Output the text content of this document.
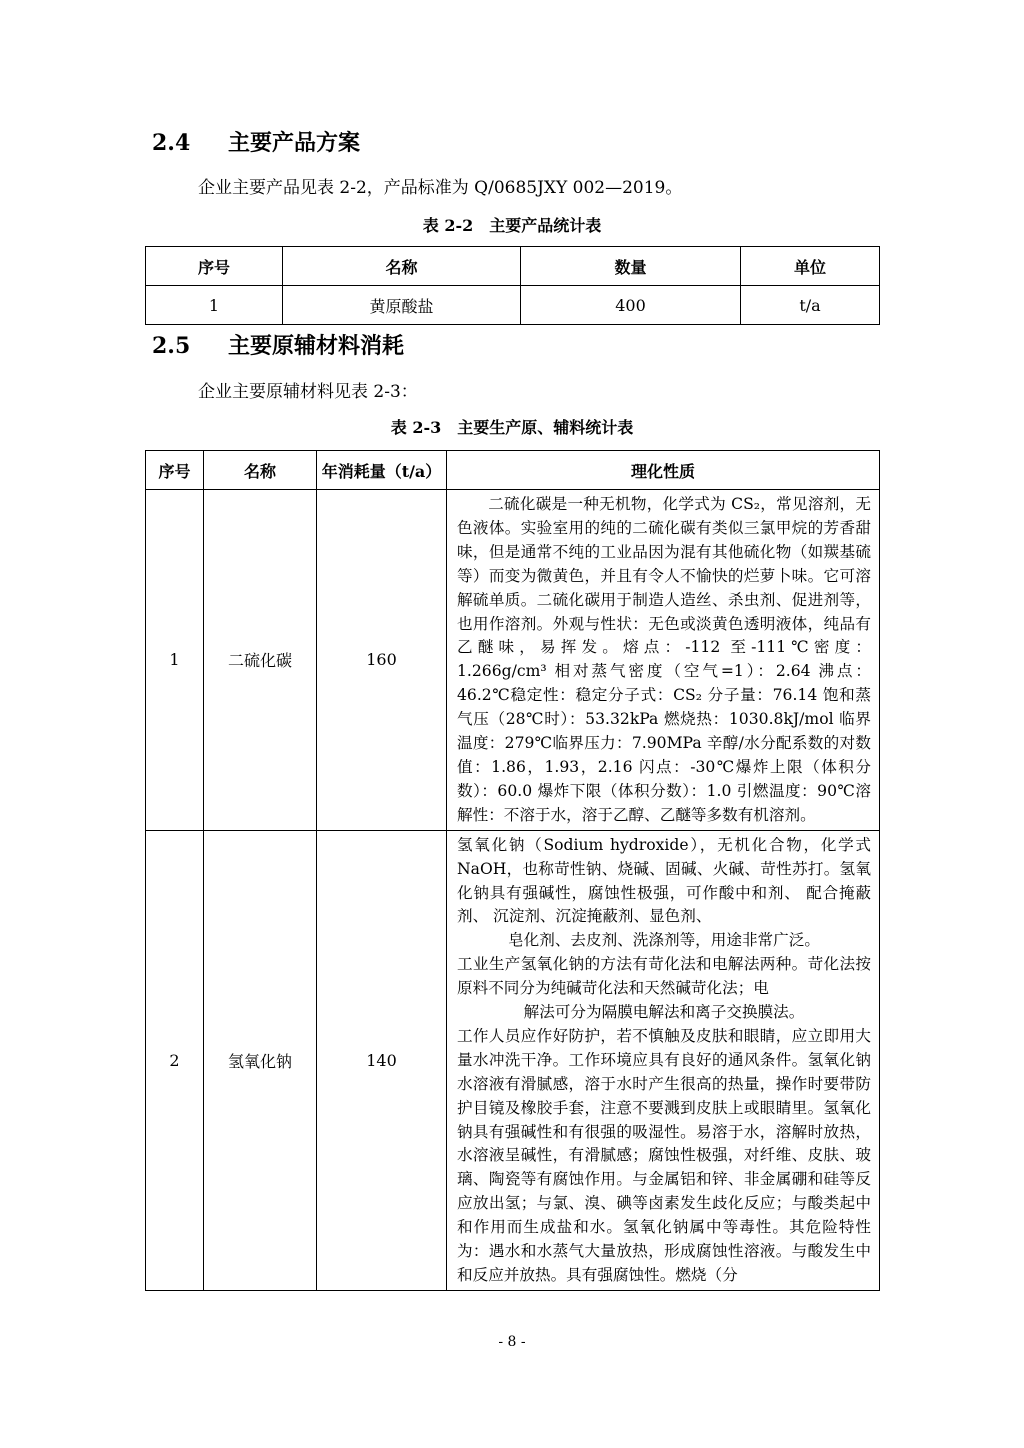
2.4 主要产品方案
企业主要产品见表 2-2，产品标准为 Q/0685JXY 002—2019。
表 2-2　主要产品统计表
序号	名称	数量	单位
1	黄原酸盐	400	t/a
2.5 主要原辅材料消耗
企业主要原辅材料见表 2-3：
表 2-3　主要生产原、辅料统计表
序号	名称	年消耗量（t/a）	理化性质
1	二硫化碳	160	二硫化碳是一种无机物，化学式为 CS₂，常见溶剂，无色液体。实验室用的纯的二硫化碳有类似三氯甲烷的芳香甜味，但是通常不纯的工业品因为混有其他硫化物（如羰基硫等）而变为微黄色，并且有令人不愉快的烂萝卜味。它可溶解硫单质。二硫化碳用于制造人造丝、杀虫剂、促进剂等，也用作溶剂。外观与性状：无色或淡黄色透明液体，纯品有乙醚味，易挥发。熔点：-112 至-111℃密度：1.266g/cm³ 相对蒸气密度（空气=1）：2.64 沸点：46.2℃稳定性：稳定分子式：CS₂ 分子量：76.14 饱和蒸气压（28℃时）：53.32kPa 燃烧热：1030.8kJ/mol 临界温度：279℃临界压力：7.90MPa 辛醇/水分配系数的对数值：1.86，1.93，2.16 闪点：-30℃爆炸上限（体积分数）：60.0 爆炸下限（体积分数）：1.0 引燃温度：90℃溶解性：不溶于水，溶于乙醇、乙醚等多数有机溶剂。

2	氢氧化钠	140	氢氧化钠（Sodium hydroxide），无机化合物，化学式NaOH，也称苛性钠、烧碱、固碱、火碱、苛性苏打。氢氧化钠具有强碱性，腐蚀性极强，可作酸中和剂、 配合掩蔽剂、 沉淀剂、沉淀掩蔽剂、显色剂、

皂化剂、去皮剂、洗涤剂等，用途非常广泛。

工业生产氢氧化钠的方法有苛化法和电解法两种。苛化法按原料不同分为纯碱苛化法和天然碱苛化法；电

解法可分为隔膜电解法和离子交换膜法。

工作人员应作好防护，若不慎触及皮肤和眼睛，应立即用大量水冲洗干净。工作环境应具有良好的通风条件。氢氧化钠水溶液有滑腻感，溶于水时产生很高的热量，操作时要带防护目镜及橡胶手套，注意不要溅到皮肤上或眼睛里。氢氧化钠具有强碱性和有很强的吸湿性。易溶于水，溶解时放热，水溶液呈碱性，有滑腻感；腐蚀性极强，对纤维、皮肤、玻璃、陶瓷等有腐蚀作用。与金属铝和锌、非金属硼和硅等反应放出氢；与氯、溴、碘等卤素发生歧化反应；与酸类起中和作用而生成盐和水。氢氧化钠属中等毒性。其危险特性为：遇水和水蒸气大量放热，形成腐蚀性溶液。与酸发生中和反应并放热。具有强腐蚀性。燃烧（分

- 8 -
